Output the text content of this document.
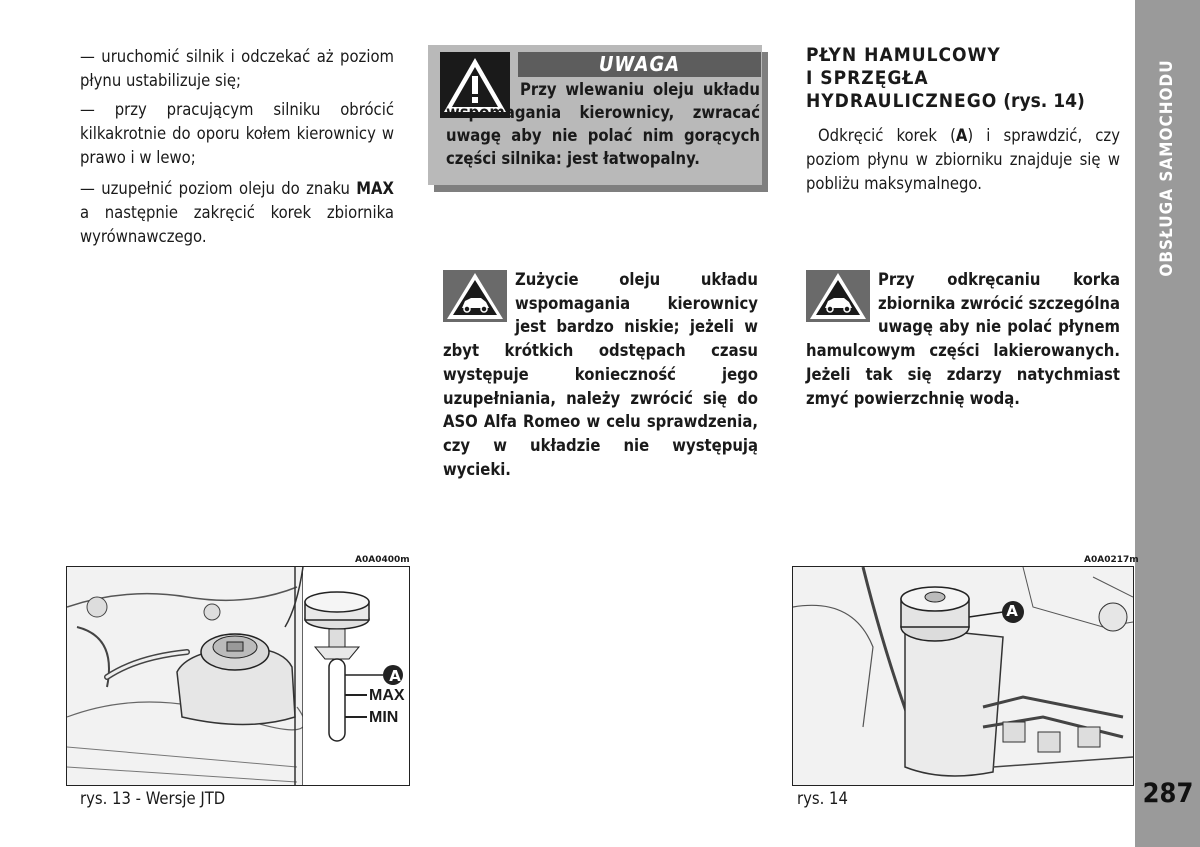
OBSŁUGA SAMOCHODU
287

— uruchomić silnik i odczekać aż poziom płynu ustabilizuje się;

— przy pracującym silniku obrócić kilkakrotnie do oporu kołem kierownicy w prawo i w lewo;

— uzupełnić poziom oleju do znaku MAX a następnie zakręcić korek zbiornika wyrównawczego.

UWAGA
Przy wlewaniu oleju układu wspomagania kierownicy, zwracać uwagę aby nie polać nim gorących części silnika: jest łatwopalny.
Zużycie oleju układu wspomagania kierownicy jest bardzo niskie; jeżeli w zbyt krótkich odstępach czasu występuje konieczność jego uzupełniania, należy zwrócić się do ASO Alfa Romeo w celu sprawdzenia, czy w układzie nie występują wycieki.
PŁYN HAMULCOWY
I SPRZĘGŁA
HYDRAULICZNEGO (rys. 14)

Odkręcić korek (A) i sprawdzić, czy poziom płynu w zbiorniku znajduje się w pobliżu maksymalnego.

Przy odkręcaniu korka zbiornika zwrócić szczególna uwagę aby nie polać płynem hamulcowym części lakierowanych. Jeżeli tak się zdarzy natychmiast zmyć powierzchnię wodą.
A0A0400m
A
MAX
MIN
rys. 13 - Wersje JTD
A0A0217m
A
rys. 14
